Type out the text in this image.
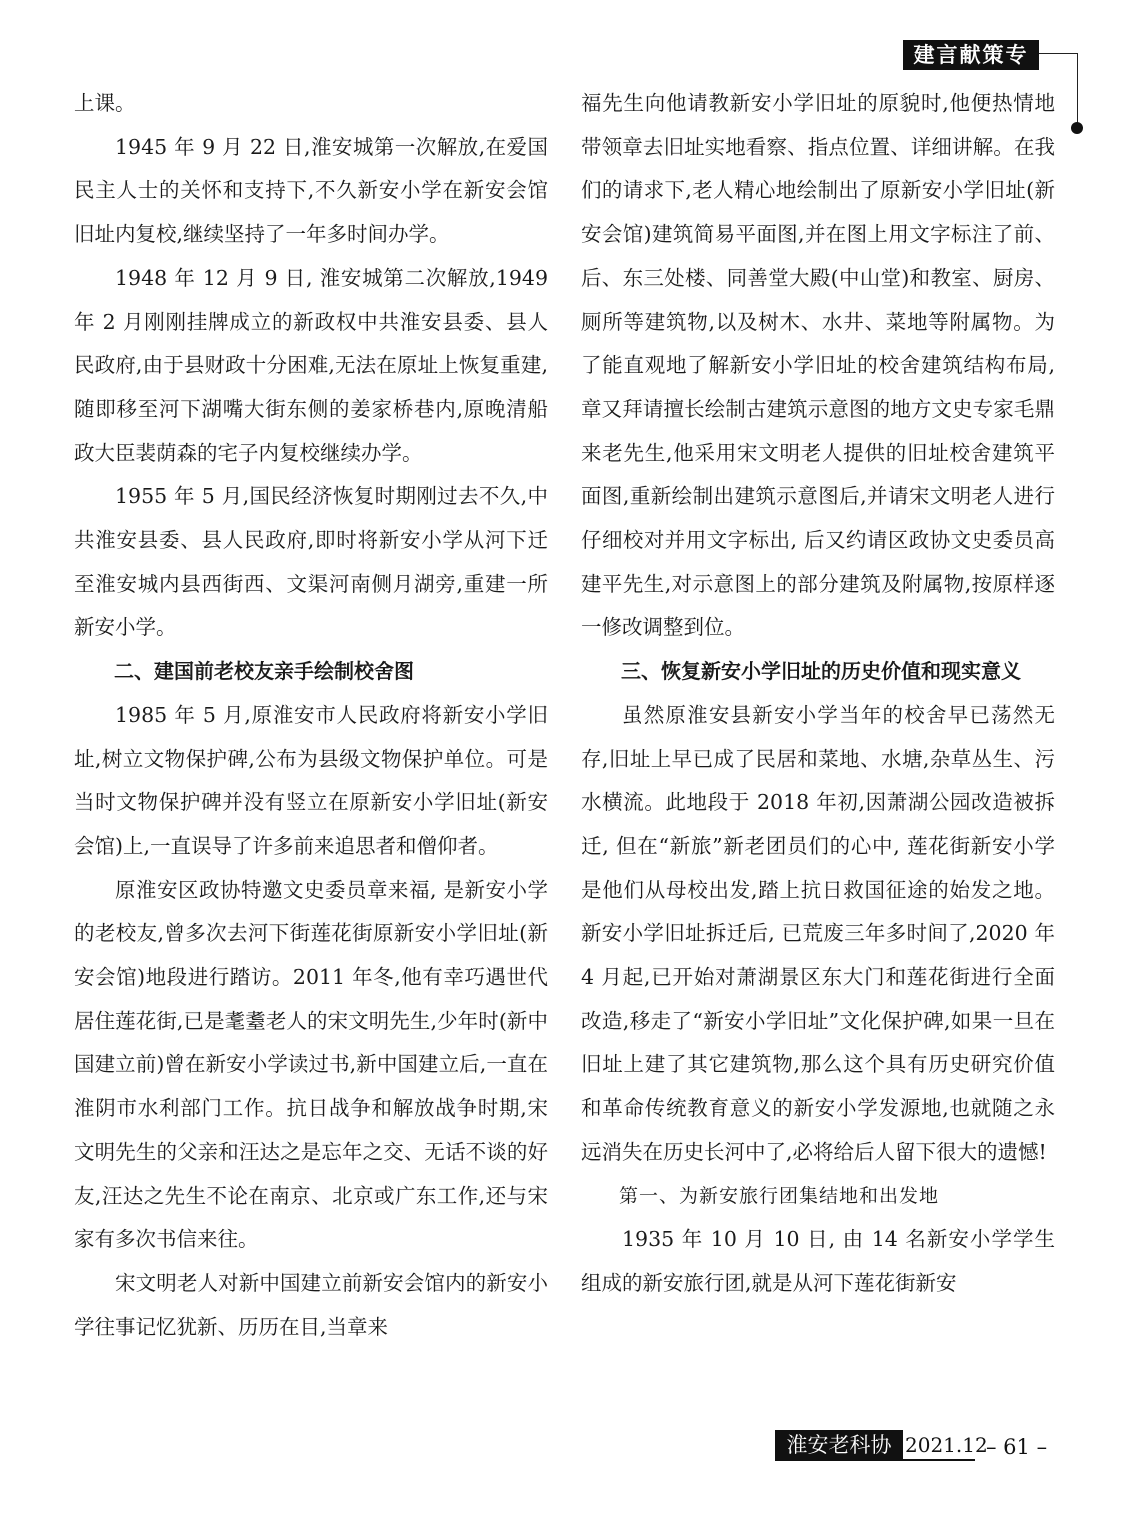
建言献策专辑

上课。

1945 年 9 月 22 日,淮安城第一次解放,在爱国民主人士的关怀和支持下,不久新安小学在新安会馆旧址内复校,继续坚持了一年多时间办学。

1948 年 12 月 9 日, 淮安城第二次解放,1949 年 2 月刚刚挂牌成立的新政权中共淮安县委、县人民政府,由于县财政十分困难,无法在原址上恢复重建,随即移至河下湖嘴大街东侧的姜家桥巷内,原晚清船政大臣裴荫森的宅子内复校继续办学。

1955 年 5 月,国民经济恢复时期刚过去不久,中共淮安县委、县人民政府,即时将新安小学从河下迁至淮安城内县西街西、文渠河南侧月湖旁,重建一所新安小学。

二、建国前老校友亲手绘制校舍图

1985 年 5 月,原淮安市人民政府将新安小学旧址,树立文物保护碑,公布为县级文物保护单位。可是当时文物保护碑并没有竖立在原新安小学旧址(新安会馆)上,一直误导了许多前来追思者和僧仰者。

原淮安区政协特邀文史委员章来福, 是新安小学的老校友,曾多次去河下街莲花街原新安小学旧址(新安会馆)地段进行踏访。2011 年冬,他有幸巧遇世代居住莲花街,已是耄耋老人的宋文明先生,少年时(新中国建立前)曾在新安小学读过书,新中国建立后,一直在淮阴市水利部门工作。抗日战争和解放战争时期,宋文明先生的父亲和汪达之是忘年之交、无话不谈的好友,汪达之先生不论在南京、北京或广东工作,还与宋家有多次书信来往。

宋文明老人对新中国建立前新安会馆内的新安小学往事记忆犹新、历历在目,当章来

福先生向他请教新安小学旧址的原貌时,他便热情地带领章去旧址实地看察、指点位置、详细讲解。在我们的请求下,老人精心地绘制出了原新安小学旧址(新安会馆)建筑简易平面图,并在图上用文字标注了前、后、东三处楼、同善堂大殿(中山堂)和教室、厨房、厕所等建筑物,以及树木、水井、菜地等附属物。为了能直观地了解新安小学旧址的校舍建筑结构布局,章又拜请擅长绘制古建筑示意图的地方文史专家毛鼎来老先生,他采用宋文明老人提供的旧址校舍建筑平面图,重新绘制出建筑示意图后,并请宋文明老人进行仔细校对并用文字标出, 后又约请区政协文史委员高建平先生,对示意图上的部分建筑及附属物,按原样逐一修改调整到位。

三、恢复新安小学旧址的历史价值和现实意义

虽然原淮安县新安小学当年的校舍早已荡然无存,旧址上早已成了民居和菜地、水塘,杂草丛生、污水横流。此地段于 2018 年初,因萧湖公园改造被拆迁, 但在“新旅”新老团员们的心中, 莲花街新安小学是他们从母校出发,踏上抗日救国征途的始发之地。新安小学旧址拆迁后, 已荒废三年多时间了,2020 年 4 月起,已开始对萧湖景区东大门和莲花街进行全面改造,移走了“新安小学旧址”文化保护碑,如果一旦在旧址上建了其它建筑物,那么这个具有历史研究价值和革命传统教育意义的新安小学发源地,也就随之永远消失在历史长河中了,必将给后人留下很大的遗憾!

第一、为新安旅行团集结地和出发地

1935 年 10 月 10 日, 由 14 名新安小学学生组成的新安旅行团,就是从河下莲花街新安

淮安老科协 2021.12
– 61 –
